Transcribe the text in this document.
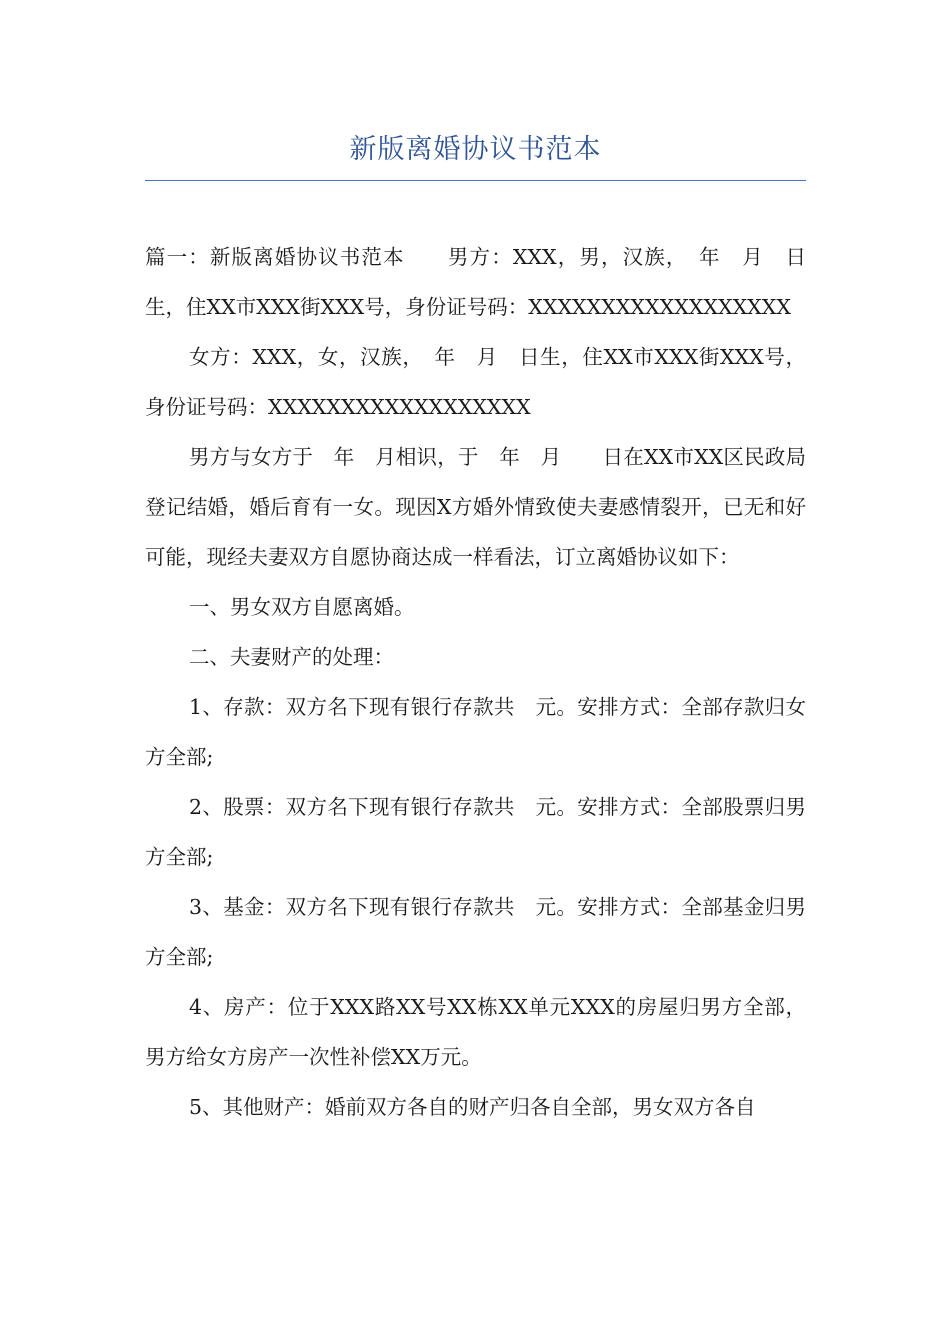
新版离婚协议书范本

篇一：新版离婚协议书范本　　男方：XXX，男，汉族，　年　月　日生，住XX市XXX街XXX号，身份证号码：XXXXXXXXXXXXXXXXXX

女方：XXX，女，汉族，　年　月　日生，住XX市XXX街XXX号，身份证号码：XXXXXXXXXXXXXXXXXX

男方与女方于　年　月相识，于　年　月　　日在XX市XX区民政局登记结婚，婚后育有一女。现因X方婚外情致使夫妻感情裂开，已无和好可能，现经夫妻双方自愿协商达成一样看法，订立离婚协议如下：

一、男女双方自愿离婚。

二、夫妻财产的处理：

1、存款：双方名下现有银行存款共　元。安排方式：全部存款归女方全部;

2、股票：双方名下现有银行存款共　元。安排方式：全部股票归男方全部;

3、基金：双方名下现有银行存款共　元。安排方式：全部基金归男方全部;

4、房产：位于XXX路XX号XX栋XX单元XXX的房屋归男方全部，男方给女方房产一次性补偿XX万元。

5、其他财产：婚前双方各自的财产归各自全部，男女双方各自
